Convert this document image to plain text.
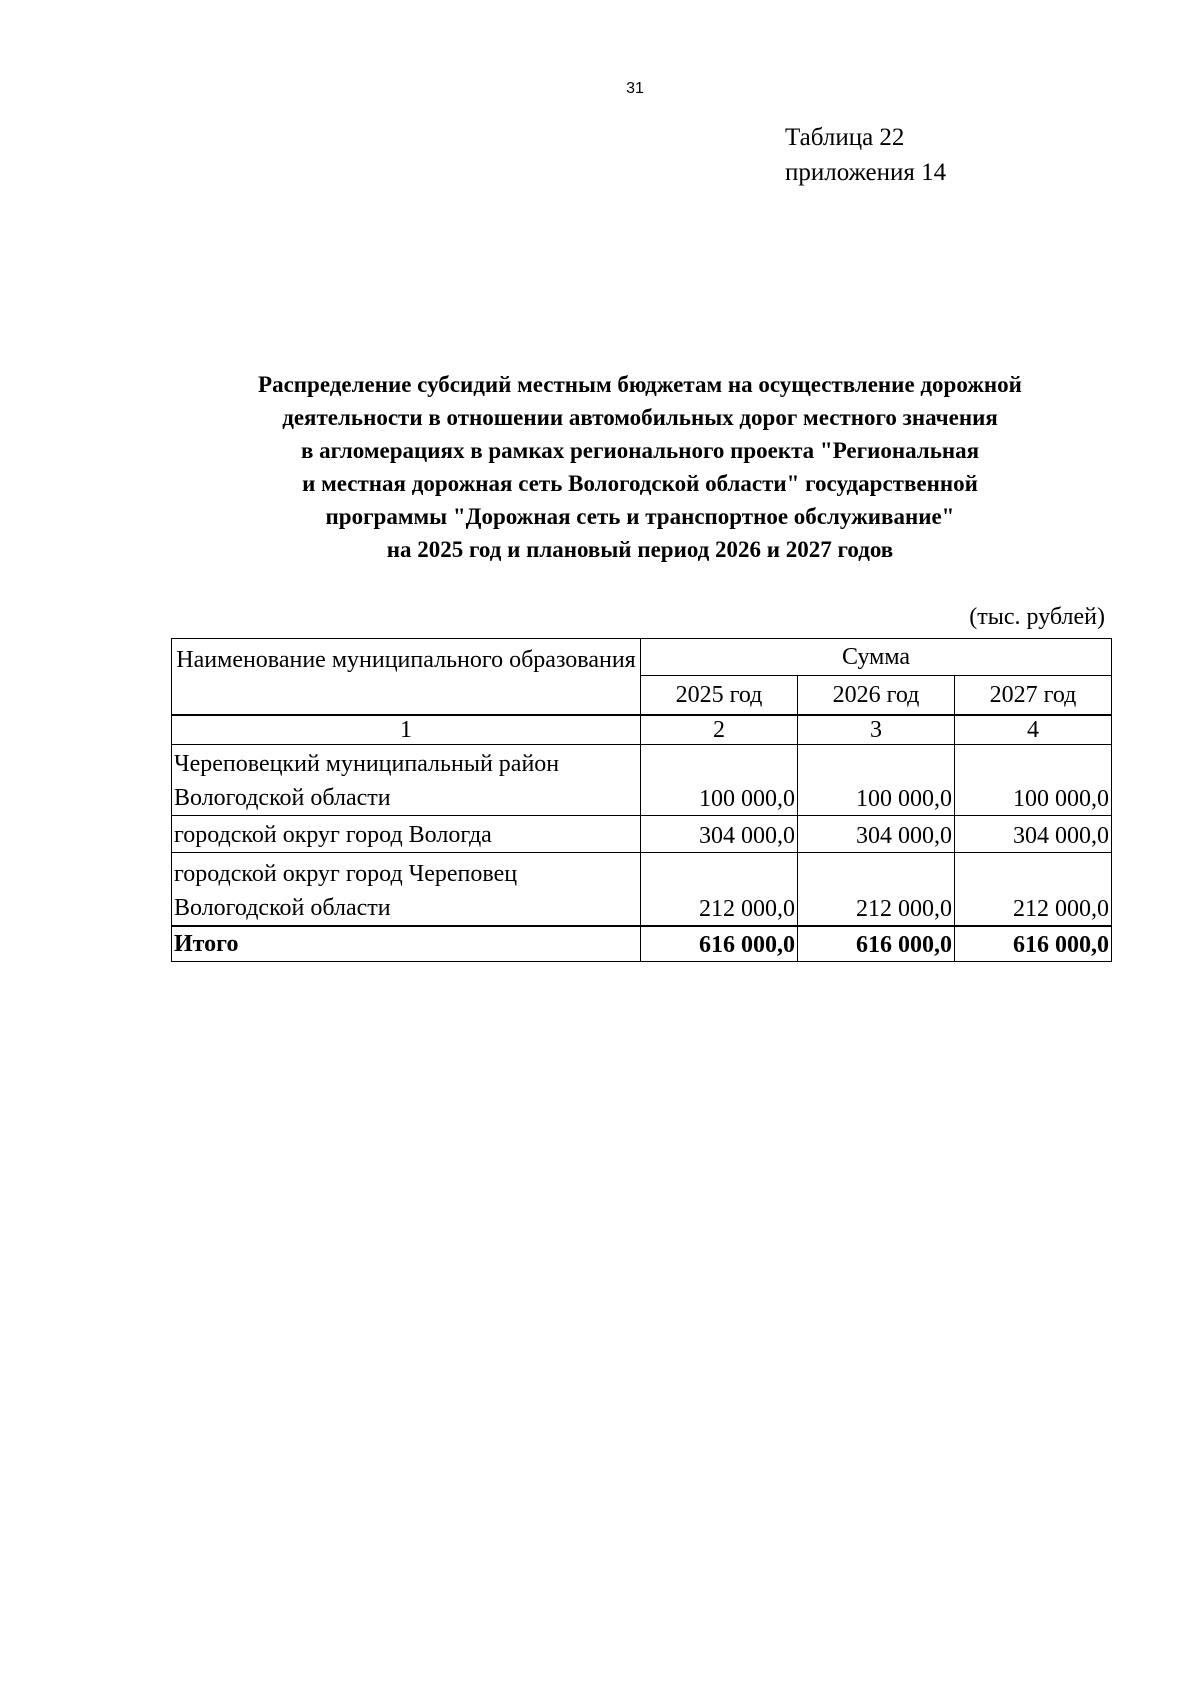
31
Таблица 22
приложения 14
Распределение субсидий местным бюджетам на осуществление дорожной
деятельности в отношении автомобильных дорог местного значения
в агломерациях в рамках регионального проекта "Региональная
и местная дорожная сеть Вологодской области" государственной
программы "Дорожная сеть и транспортное обслуживание"
на 2025 год и плановый период 2026 и 2027 годов
(тыс. рублей)
Наименование муниципального образования	Сумма		
	2025 год	2026 год	2027 год
1	2	3	4
Череповецкий муниципальный район Вологодской области	100 000,0	100 000,0	100 000,0
городской округ город Вологда	304 000,0	304 000,0	304 000,0
городской округ город Череповец Вологодской области	212 000,0	212 000,0	212 000,0
Итого	616 000,0	616 000,0	616 000,0
